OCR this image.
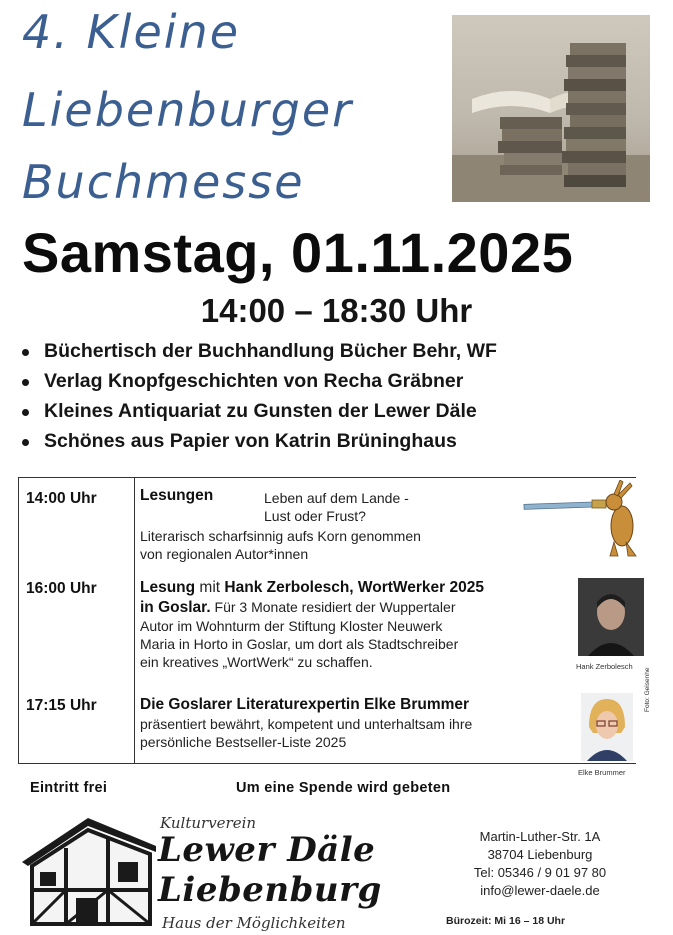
4. Kleine
Liebenburger
Buchmesse
Samstag, 01.11.2025
14:00 – 18:30 Uhr
Büchertisch der Buchhandlung Bücher Behr, WF
Verlag Knopfgeschichten von Recha Gräbner
Kleines Antiquariat zu Gunsten der Lewer Däle
Schönes aus Papier von Katrin Brüninghaus
14:00 Uhr	Lesungen	Leben auf dem Lande -
Lust oder Frust?
Literarisch scharfsinnig aufs Korn genommen
von regionalen Autor*innen
16:00 Uhr	Lesung mit Hank Zerbolesch, WortWerker 2025
in Goslar. Für 3 Monate residiert der Wuppertaler
Autor im Wohnturm der Stiftung Kloster Neuwerk
Maria in Horto in Goslar, um dort als Stadtschreiber
ein kreatives „WortWerk“ zu schaffen.	Hank Zerbolesch
17:15 Uhr	Die Goslarer Literaturexpertin Elke Brummer
präsentiert bewährt, kompetent und unterhaltsam ihre
persönliche Bestseller-Liste 2025
Foto: Geisenhe
Elke Brummer
Eintritt frei	Um eine Spende wird gebeten
Kulturverein
Lewer Däle
Liebenburg
Haus der Möglichkeiten
Martin-Luther-Str. 1A
38704 Liebenburg
Tel: 05346 / 9 01 97 80
info@lewer-daele.de
Bürozeit: Mi 16 – 18 Uhr
